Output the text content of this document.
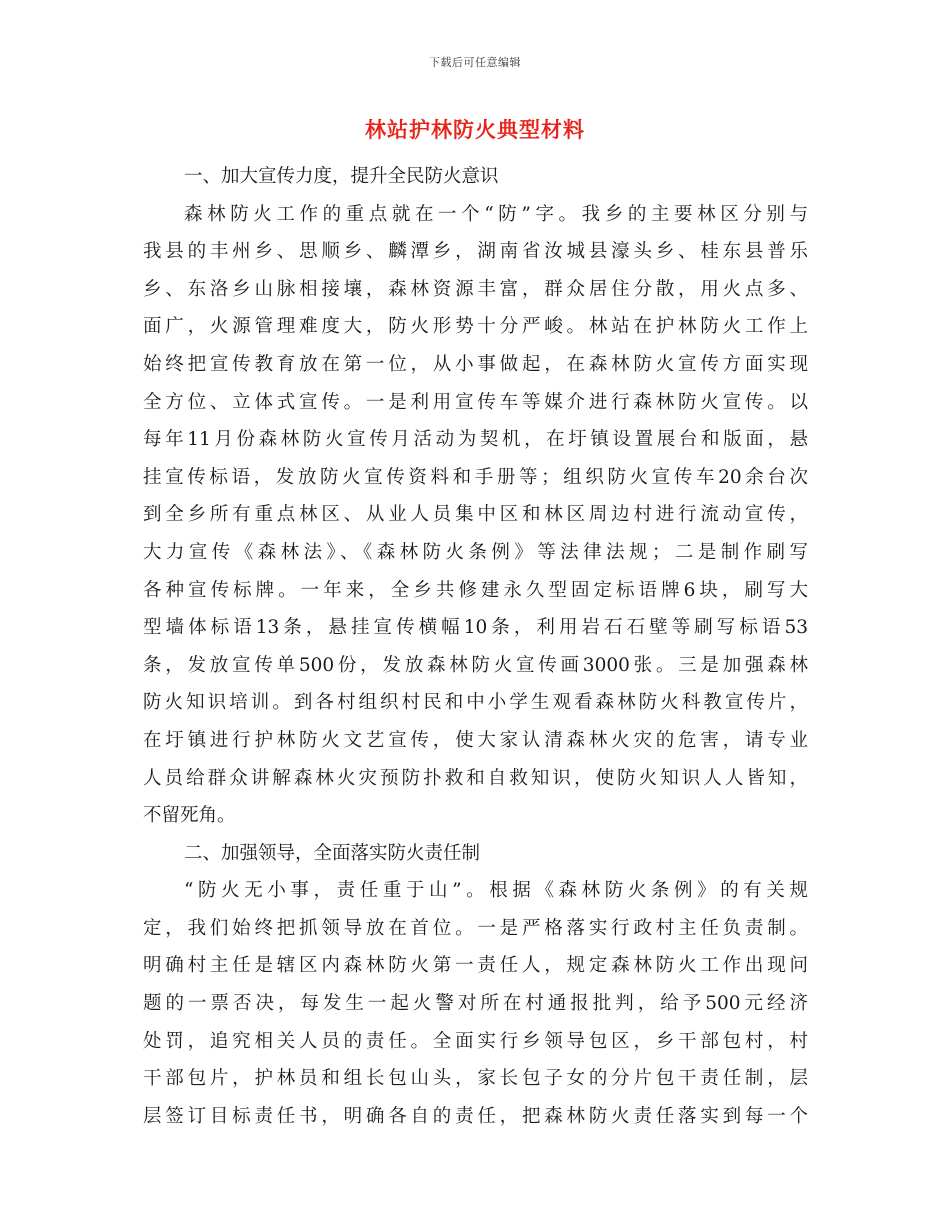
下载后可任意编辑
林站护林防火典型材料
一、加大宣传力度，提升全民防火意识
森林防火工作的重点就在一个“防”字。我乡的主要林区分别与
我县的丰州乡、思顺乡、麟潭乡，湖南省汝城县濠头乡、桂东县普乐
乡、东洛乡山脉相接壤，森林资源丰富，群众居住分散，用火点多、
面广，火源管理难度大，防火形势十分严峻。林站在护林防火工作上
始终把宣传教育放在第一位，从小事做起，在森林防火宣传方面实现
全方位、立体式宣传。一是利用宣传车等媒介进行森林防火宣传。以
每年11月份森林防火宣传月活动为契机，在圩镇设置展台和版面，悬
挂宣传标语，发放防火宣传资料和手册等；组织防火宣传车20余台次
到全乡所有重点林区、从业人员集中区和林区周边村进行流动宣传，
大力宣传《森林法》、《森林防火条例》等法律法规；二是制作刷写
各种宣传标牌。一年来，全乡共修建永久型固定标语牌6块，刷写大
型墙体标语13条，悬挂宣传横幅10条，利用岩石石壁等刷写标语53
条，发放宣传单500份，发放森林防火宣传画3000张。三是加强森林
防火知识培训。到各村组织村民和中小学生观看森林防火科教宣传片，
在圩镇进行护林防火文艺宣传，使大家认清森林火灾的危害，请专业
人员给群众讲解森林火灾预防扑救和自救知识，使防火知识人人皆知，
不留死角。
二、加强领导，全面落实防火责任制
“防火无小事，责任重于山”。根据《森林防火条例》的有关规
定，我们始终把抓领导放在首位。一是严格落实行政村主任负责制。
明确村主任是辖区内森林防火第一责任人，规定森林防火工作出现问
题的一票否决，每发生一起火警对所在村通报批判，给予500元经济
处罚，追究相关人员的责任。全面实行乡领导包区，乡干部包村，村
干部包片，护林员和组长包山头，家长包子女的分片包干责任制，层
层签订目标责任书，明确各自的责任，把森林防火责任落实到每一个
